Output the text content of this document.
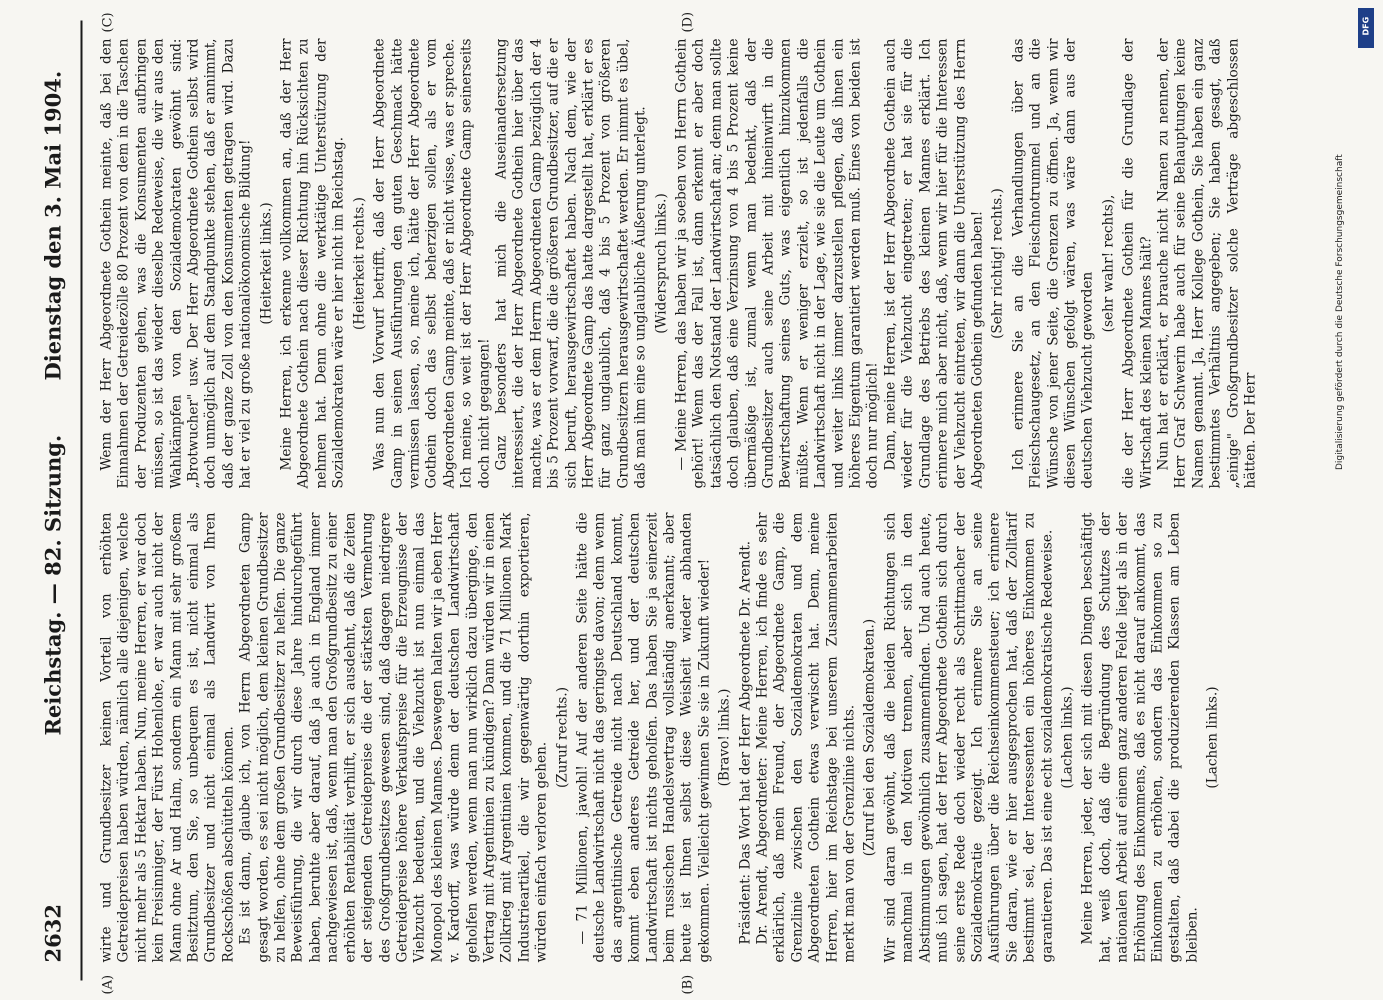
2632
Reichstag. — 82. Sitzung.
Dienstag den 3. Mai 1904.
(A)	(B)
(C)	(D)

wirte und Grundbesitzer keinen Vorteil von erhöhten Getreidepreisen haben würden, nämlich alle diejenigen, welche nicht mehr als 5 Hektar haben. Nun, meine Herren, er war doch kein Freisinniger, der Fürst Hohenlohe, er war auch nicht der Mann ohne Ar und Halm, sondern ein Mann mit sehr großem Besitztum, den Sie, so unbequem es ist, nicht einmal als Grundbesitzer und nicht einmal als Landwirt von Ihren Rockschößen abschütteln können. Es ist dann, glaube ich, von Herrn Abgeordneten Gamp gesagt worden, es sei nicht möglich, dem kleinen Grundbesitzer zu helfen, ohne dem großen Grundbesitzer zu helfen. Die ganze Beweisführung, die wir durch diese Jahre hindurchgeführt haben, beruhte aber darauf, daß ja auch in England immer nachgewiesen ist, daß, wenn man den Großgrundbesitz zu einer erhöhten Rentabilität verhilft, er sich ausdehnt, daß die Zeiten der steigenden Getreidepreise die der stärksten Vermehrung des Großgrundbesitzes gewesen sind, daß dagegen niedrigere Getreidepreise höhere Verkaufspreise für die Erzeugnisse der Viehzucht bedeuten, und die Viehzucht ist nun einmal das Monopol des kleinen Mannes. Deswegen halten wir ja eben Herr v. Kardorff, was würde denn der deutschen Landwirtschaft geholfen werden, wenn man nun wirklich dazu überginge, den Vertrag mit Argentinien zu kündigen? Dann würden wir in einen Zollkrieg mit Argentinien kommen, und die 71 Millionen Mark Industrieartikel, die wir gegenwärtig dorthin exportieren, würden einfach verloren gehen.

(Zuruf rechts.) — 71 Millionen, jawohl! Auf der anderen Seite hätte die deutsche Landwirtschaft nicht das geringste davon; denn wenn das argentinische Getreide nicht nach Deutschland kommt, kommt eben anderes Getreide her, und der deutschen Landwirtschaft ist nichts geholfen. Das haben Sie ja seinerzeit beim russischen Handelsvertrag vollständig anerkannt; aber heute ist Ihnen selbst diese Weisheit wieder abhanden gekommen. Vielleicht gewinnen Sie sie in Zukunft wieder! (Bravo! links.) Präsident: Das Wort hat der Herr Abgeordnete Dr. Arendt. Dr. Arendt, Abgeordneter: Meine Herren, ich finde es sehr erklärlich, daß mein Freund, der Abgeordnete Gamp, die Grenzlinie zwischen den Sozialdemokraten und dem Abgeordneten Gothein etwas verwischt hat. Denn, meine Herren, hier im Reichstage bei unserem Zusammenarbeiten merkt man von der Grenzlinie nichts. (Zuruf bei den Sozialdemokraten.) Wir sind daran gewöhnt, daß die beiden Richtungen sich manchmal in den Motiven trennen, aber sich in den Abstimmungen gewöhnlich zusammenfinden. Und auch heute, muß ich sagen, hat der Herr Abgeordnete Gothein sich durch seine erste Rede doch wieder recht als Schrittmacher der Sozialdemokratie gezeigt. Ich erinnere Sie an seine Ausführungen über die Reichseinkommensteuer; ich erinnere Sie daran, wie er hier ausgesprochen hat, daß der Zolltarif bestimmt sei, der Interessenten ein höheres Einkommen zu garantieren. Das ist eine echt sozialdemokratische Redeweise. (Lachen links.) Meine Herren, jeder, der sich mit diesen Dingen beschäftigt hat, weiß doch, daß die Begründung des Schutzes der nationalen Arbeit auf einem ganz anderen Felde liegt als in der Erhöhung des Einkommens, daß es nicht darauf ankommt, das Einkommen zu erhöhen, sondern das Einkommen so zu gestalten, daß dabei die produzierenden Klassen am Leben bleiben.

(Lachen links.)

Wenn der Herr Abgeordnete Gothein meinte, daß bei den Einnahmen der Getreidezölle 80 Prozent von dem in die Taschen der Produzenten gehen, was die Konsumenten aufbringen müssen, so ist das wieder dieselbe Redeweise, die wir aus den Wahlkämpfen von den Sozialdemokraten gewöhnt sind: „Brotwucher" usw. Der Herr Abgeordnete Gothein selbst wird doch unmöglich auf dem Standpunkte stehen, daß er annimmt, daß der ganze Zoll von den Konsumenten getragen wird. Dazu hat er viel zu große nationalökonomische Bildung! (Heiterkeit links.) Meine Herren, ich erkenne vollkommen an, daß der Herr Abgeordnete Gothein nach dieser Richtung hin Rücksichten zu nehmen hat. Denn ohne die werktätige Unterstützung der Sozialdemokraten wäre er hier nicht im Reichstag. (Heiterkeit rechts.) Was nun den Vorwurf betrifft, daß der Herr Abgeordnete Gamp in seinen Ausführungen den guten Geschmack hätte vermissen lassen, so, meine ich, hätte der Herr Abgeordnete Gothein doch das selbst beherzigen sollen, als er vom Abgeordneten Gamp meinte, daß er nicht wisse, was er spreche. Ich meine, so weit ist der Herr Abgeordnete Gamp seinerseits doch nicht gegangen! Ganz besonders hat mich die Auseinandersetzung interessiert, die der Herr Abgeordnete Gothein hier über das machte, was er dem Herrn Abgeordneten Gamp bezüglich der 4 bis 5 Prozent vorwarf, die die größeren Grundbesitzer, auf die er sich beruft, herausgewirtschaftet haben. Nach dem, wie der Herr Abgeordnete Gamp das hatte dargestellt hat, erklärt er es für ganz unglaublich, daß 4 bis 5 Prozent von größeren Grundbesitzern herausgewirtschaftet werden. Er nimmt es übel, daß man ihm eine so unglaubliche Äußerung unterlegt. (Widerspruch links.) — Meine Herren, das haben wir ja soeben von Herrn Gothein gehört! Wenn das der Fall ist, dann erkennt er aber doch tatsächlich den Notstand der Landwirtschaft an; denn man sollte doch glauben, daß eine Verzinsung von 4 bis 5 Prozent keine übermäßige ist, zumal wenn man bedenkt, daß der Grundbesitzer auch seine Arbeit mit hineinwirft in die Bewirtschaftung seines Guts, was eigentlich hinzukommen müßte. Wenn er weniger erzielt, so ist jedenfalls die Landwirtschaft nicht in der Lage, wie sie die Leute um Gothein und weiter links immer darzustellen pflegen, daß ihnen ein höheres Eigentum garantiert werden muß. Eines von beiden ist doch nur möglich! Dann, meine Herren, ist der Herr Abgeordnete Gothein auch wieder für die Viehzucht eingetreten; er hat sie für die Grundlage des Betriebs des kleinen Mannes erklärt. Ich erinnere mich aber nicht, daß, wenn wir hier für die Interessen der Viehzucht eintreten, wir dann die Unterstützung des Herrn Abgeordneten Gothein gefunden haben! (Sehr richtig! rechts.) Ich erinnere Sie an die Verhandlungen über das Fleischschaugesetz, an den Fleischnotrummel und an die Wünsche von jener Seite, die Grenzen zu öffnen. Ja, wenn wir diesen Wünschen gefolgt wären, was wäre dann aus der deutschen Viehzucht geworden

(sehr wahr! rechts), die der Herr Abgeordnete Gothein für die Grundlage der Wirtschaft des kleinen Mannes hält? Nun hat er erklärt, er brauche nicht Namen zu nennen, der Herr Graf Schwerin habe auch für seine Behauptungen keine Namen genannt. Ja, Herr Kollege Gothein, Sie haben ein ganz bestimmtes Verhältnis angegeben; Sie haben gesagt, daß „einige" Großgrundbesitzer solche Verträge abgeschlossen hätten. Der Herr	Digitalisierung gefördert durch die Deutsche Forschungsgemeinschaft
DFG
